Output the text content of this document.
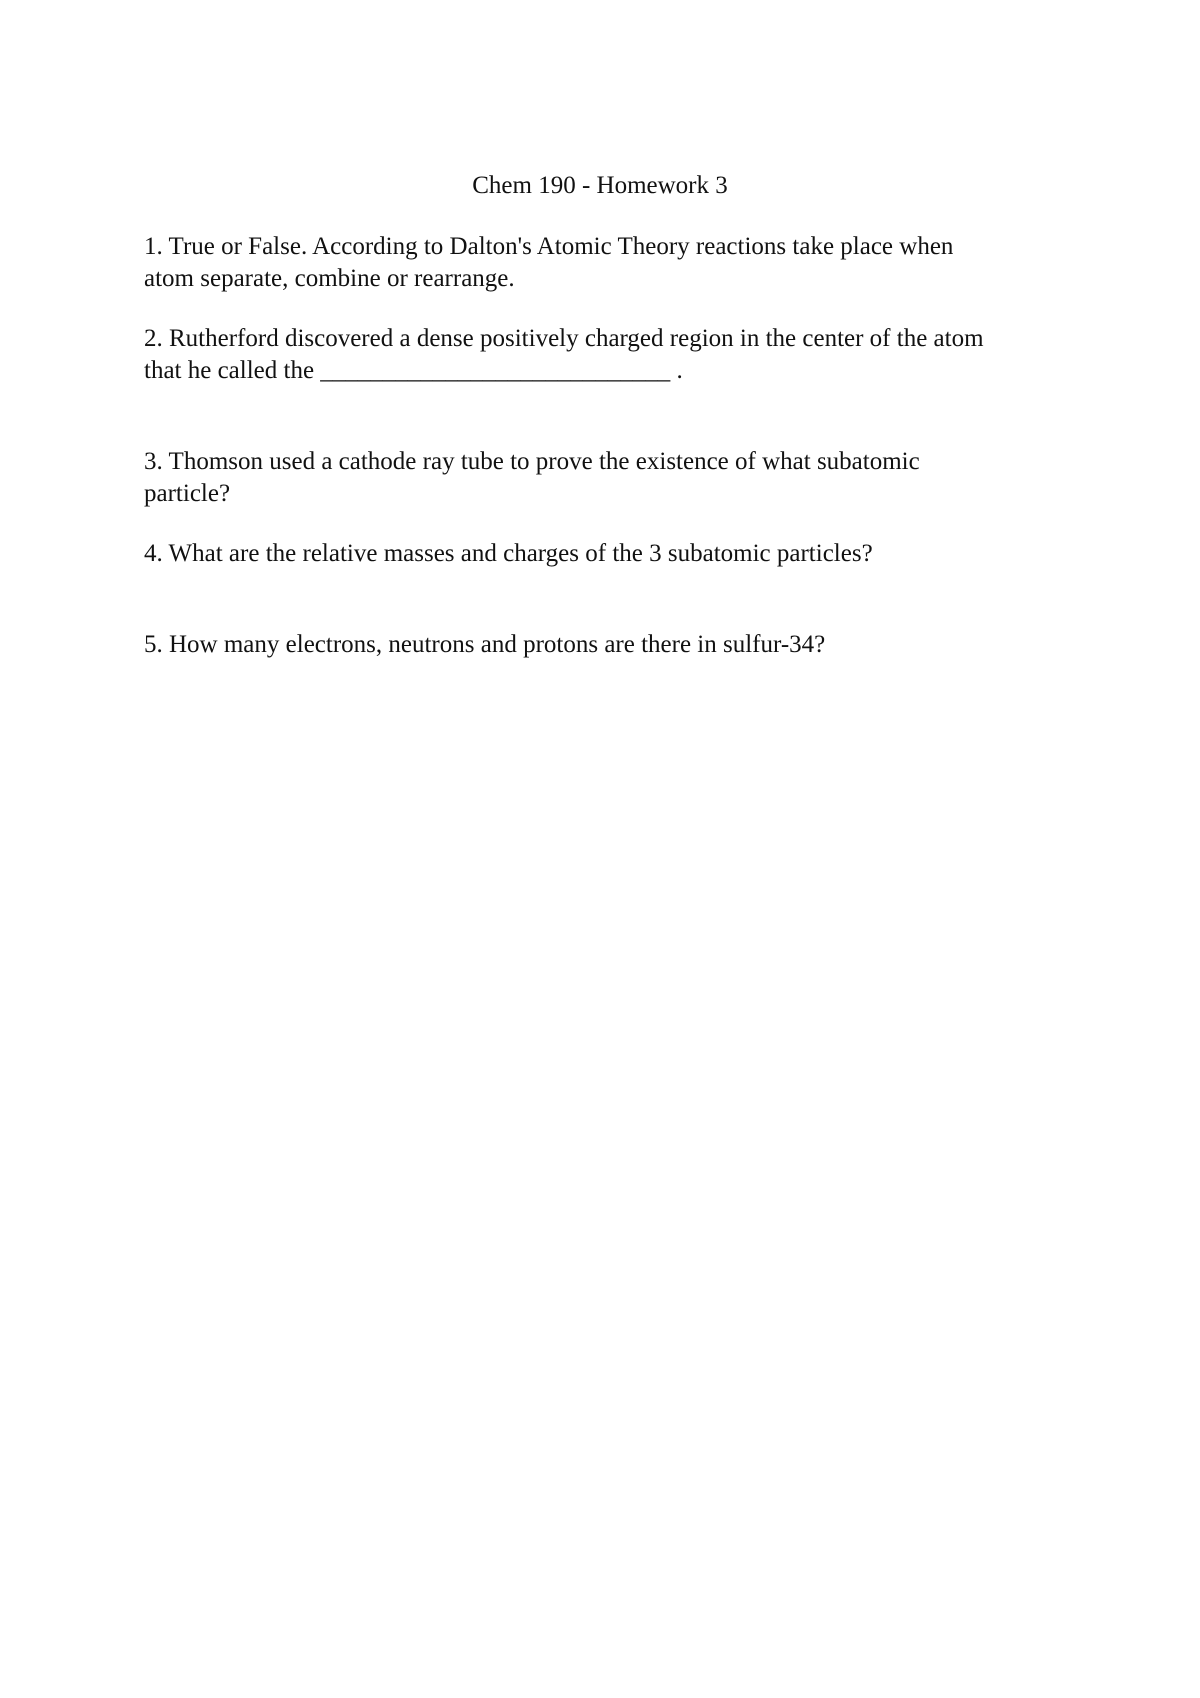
Chem 190 - Homework 3
1. True or False. According to Dalton's Atomic Theory reactions take place when
atom separate, combine or rearrange.
2. Rutherford discovered a dense positively charged region in the center of the atom
that he called the ____________________________ .
3. Thomson used a cathode ray tube to prove the existence of what subatomic
particle?
4. What are the relative masses and charges of the 3 subatomic particles?
5. How many electrons, neutrons and protons are there in sulfur-34?
